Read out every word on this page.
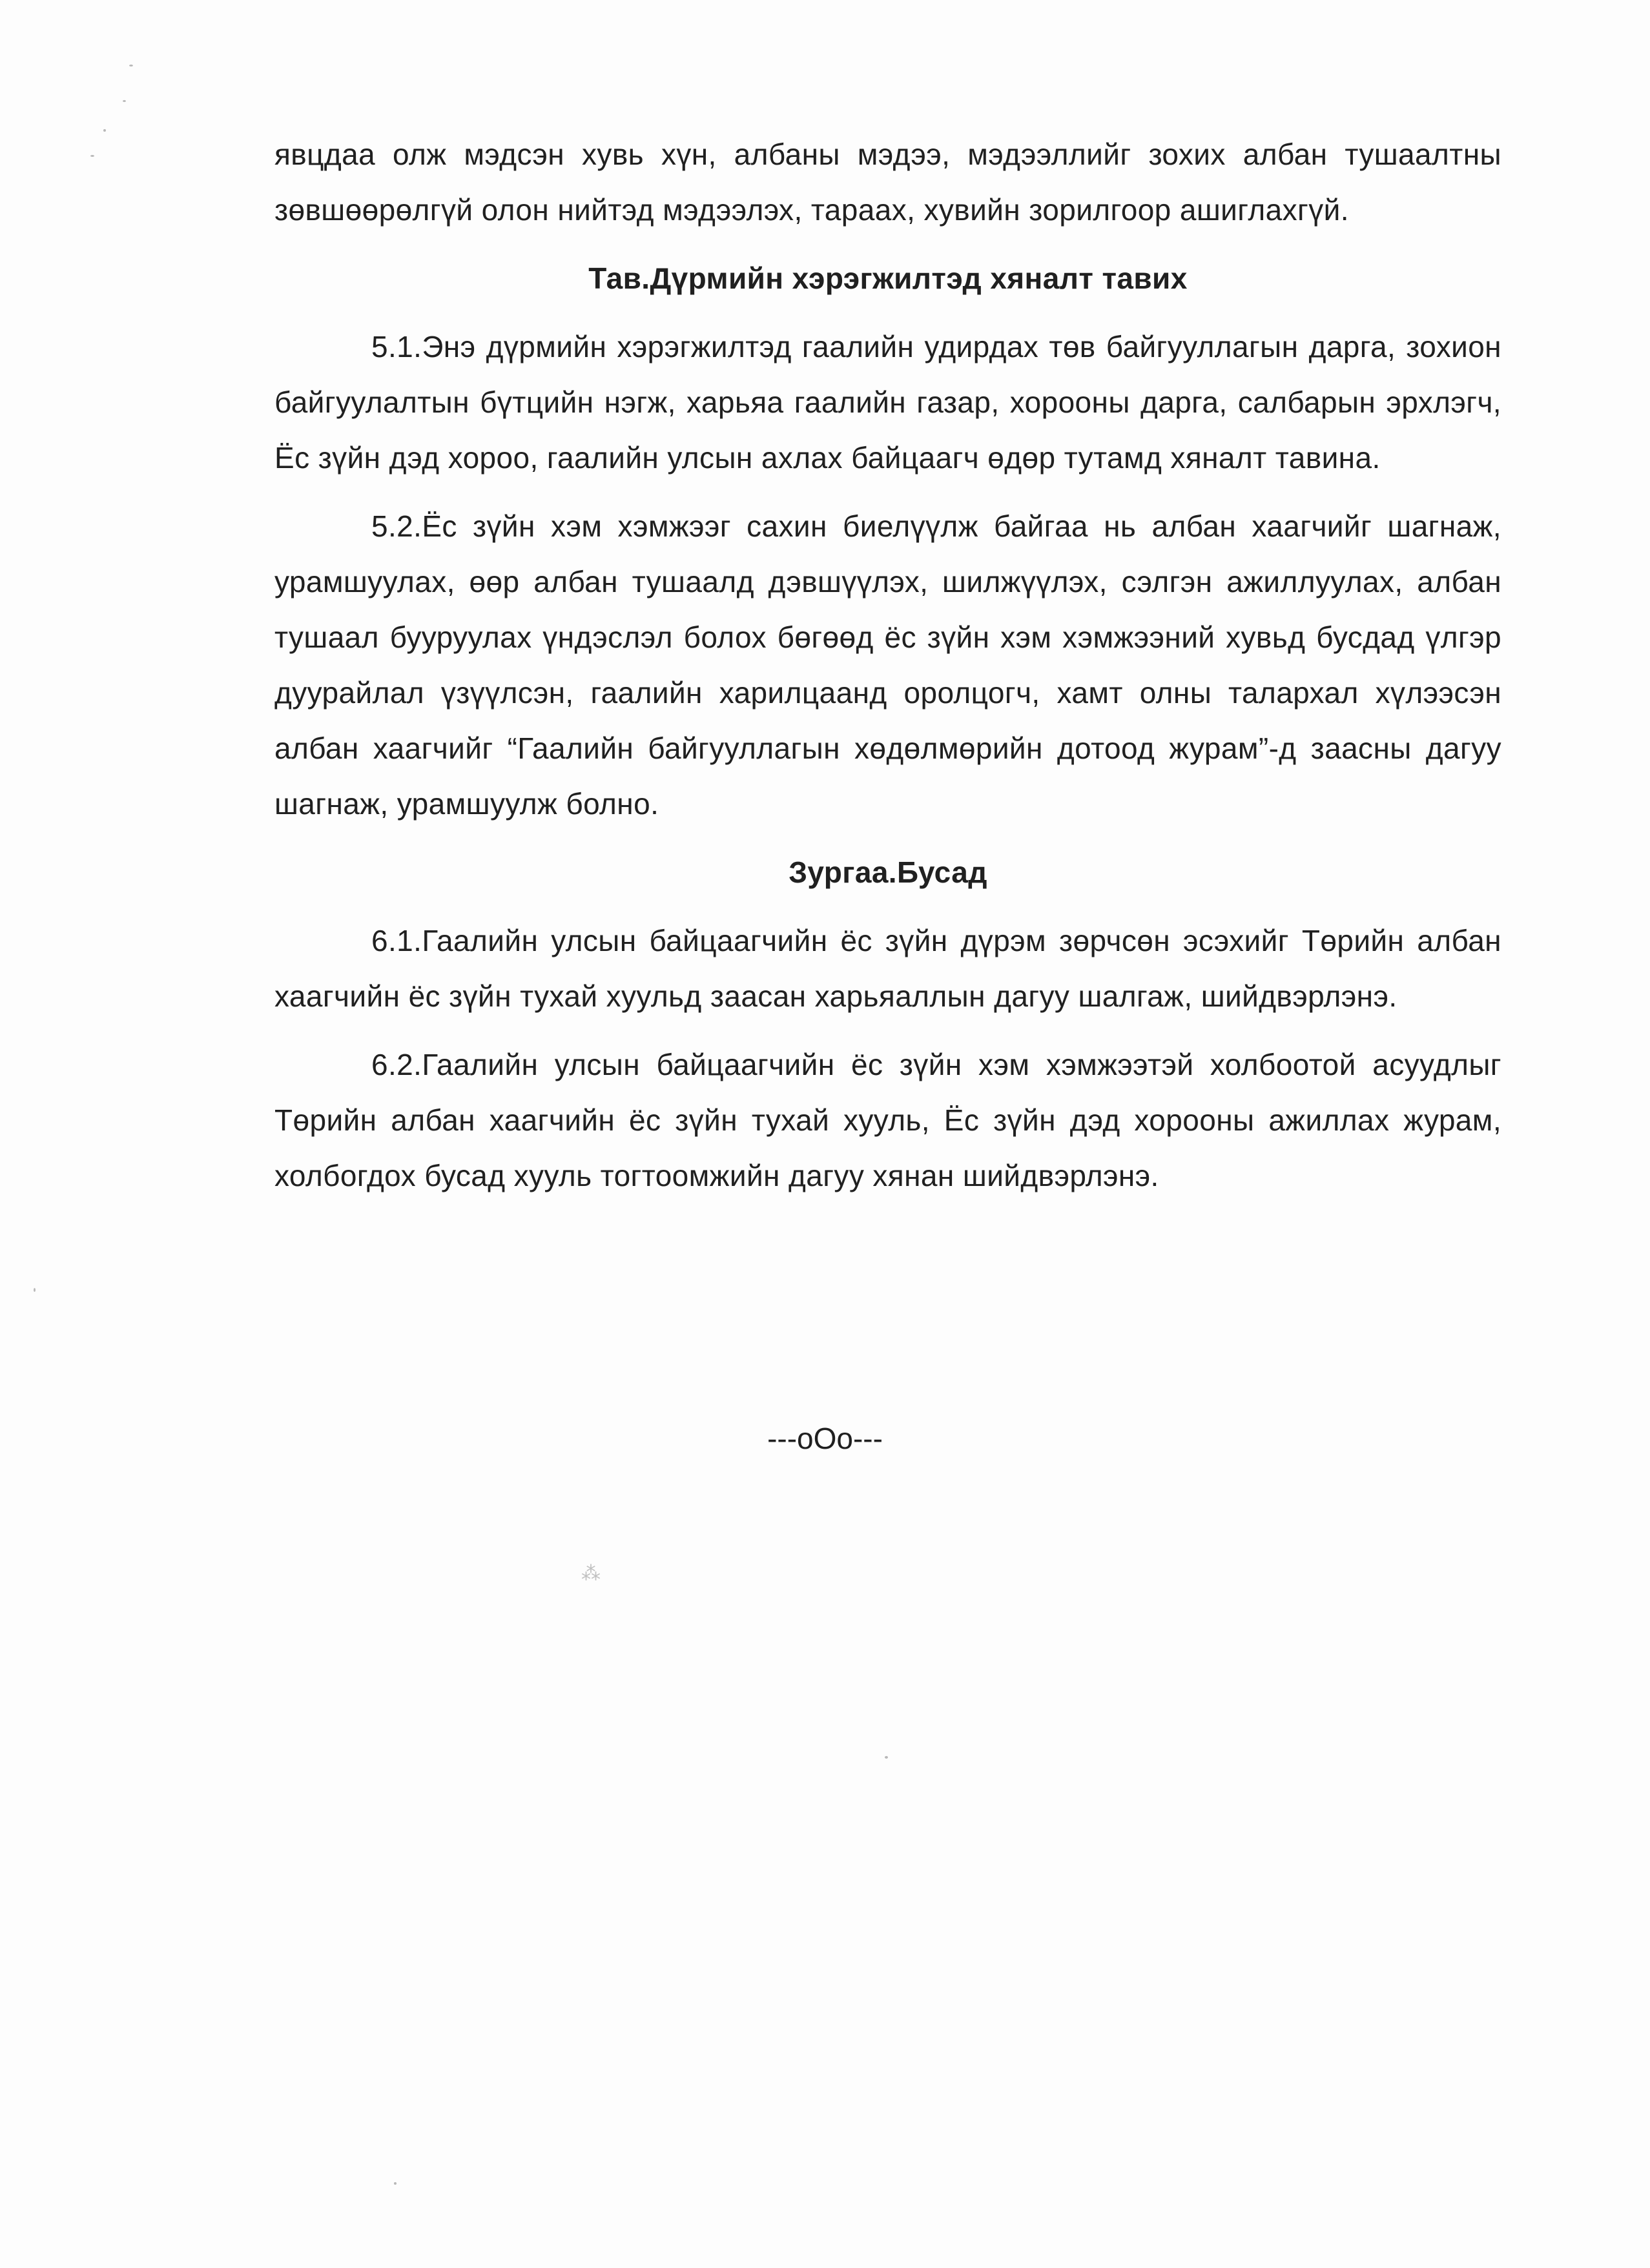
⁂

явцдаа олж мэдсэн хувь хүн, албаны мэдээ, мэдээллийг зохих албан тушаалтны зөвшөөрөлгүй олон нийтэд мэдээлэх, тараах, хувийн зорилгоор ашиглахгүй.

Тав.Дүрмийн хэрэгжилтэд хяналт тавих

5.1.Энэ дүрмийн хэрэгжилтэд гаалийн удирдах төв байгууллагын дарга, зохион байгуулалтын бүтцийн нэгж, харьяа гаалийн газар, хорооны дарга, салбарын эрхлэгч, Ёс зүйн дэд хороо, гаалийн улсын ахлах байцаагч өдөр тутамд хяналт тавина.

5.2.Ёс зүйн хэм хэмжээг сахин биелүүлж байгаа нь албан хаагчийг шагнаж, урамшуулах, өөр албан тушаалд дэвшүүлэх, шилжүүлэх, сэлгэн ажиллуулах, албан тушаал бууруулах үндэслэл болох бөгөөд ёс зүйн хэм хэмжээний хувьд бусдад үлгэр дуурайлал үзүүлсэн, гаалийн харилцаанд оролцогч, хамт олны талархал хүлээсэн албан хаагчийг “Гаалийн байгууллагын хөдөлмөрийн дотоод журам”-д заасны дагуу шагнаж, урамшуулж болно.

Зургаа.Бусад

6.1.Гаалийн улсын байцаагчийн ёс зүйн дүрэм зөрчсөн эсэхийг Төрийн албан хаагчийн ёс зүйн тухай хуульд заасан харьяаллын дагуу шалгаж, шийдвэрлэнэ.

6.2.Гаалийн улсын байцаагчийн ёс зүйн хэм хэмжээтэй холбоотой асуудлыг Төрийн албан хаагчийн ёс зүйн тухай хууль, Ёс зүйн дэд хорооны ажиллах журам, холбогдох бусад хууль тогтоомжийн дагуу хянан шийдвэрлэнэ.

---oOo---
